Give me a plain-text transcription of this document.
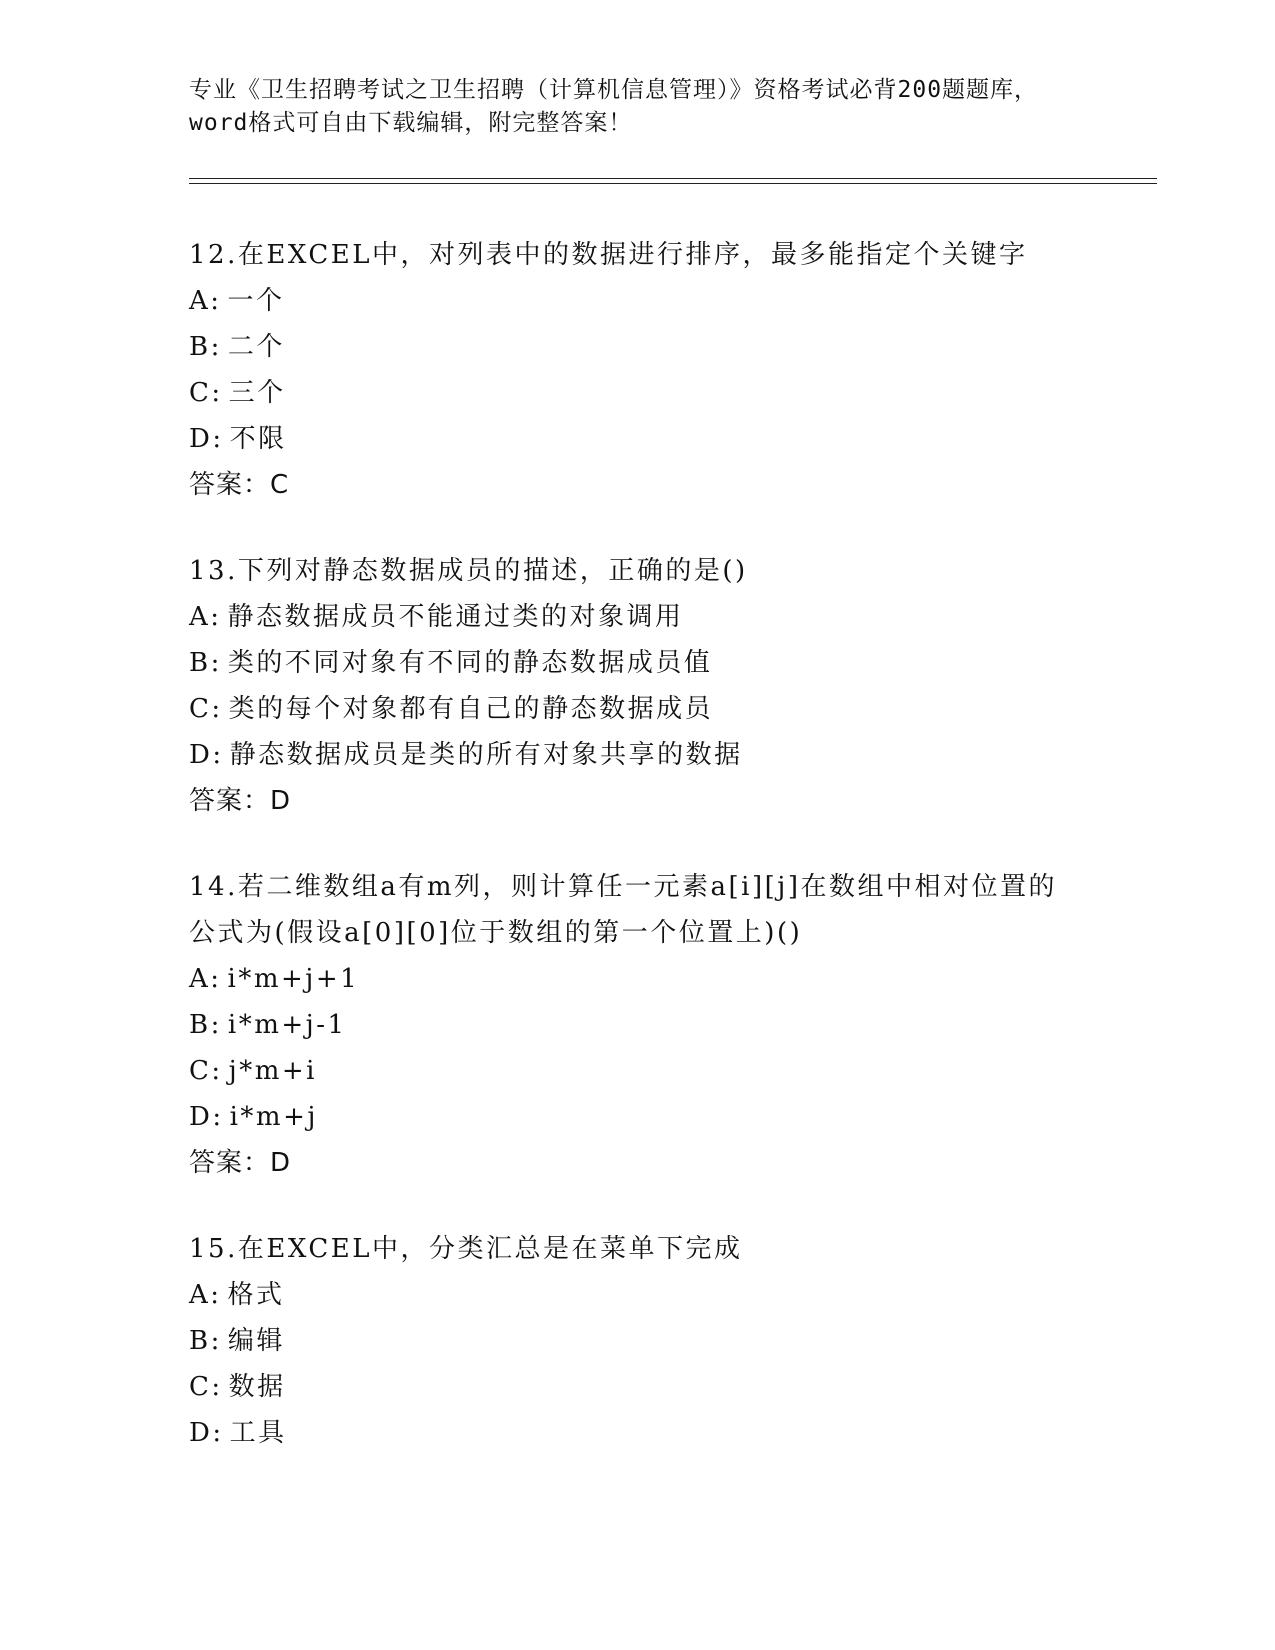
专业《卫生招聘考试之卫生招聘（计算机信息管理）》资格考试必背200题题库，
word格式可自由下载编辑，附完整答案！
12.在EXCEL中，对列表中的数据进行排序，最多能指定个关键字
A: 一个
B: 二个
C: 三个
D: 不限
答案：C
13.下列对静态数据成员的描述，正确的是()
A: 静态数据成员不能通过类的对象调用
B: 类的不同对象有不同的静态数据成员值
C: 类的每个对象都有自己的静态数据成员
D: 静态数据成员是类的所有对象共享的数据
答案：D
14.若二维数组a有m列，则计算任一元素a[i][j]在数组中相对位置的公式为(假设a[0][0]位于数组的第一个位置上)()
A: i*m+j+1
B: i*m+j-1
C: j*m+i
D: i*m+j
答案：D
15.在EXCEL中，分类汇总是在菜单下完成
A: 格式
B: 编辑
C: 数据
D: 工具
